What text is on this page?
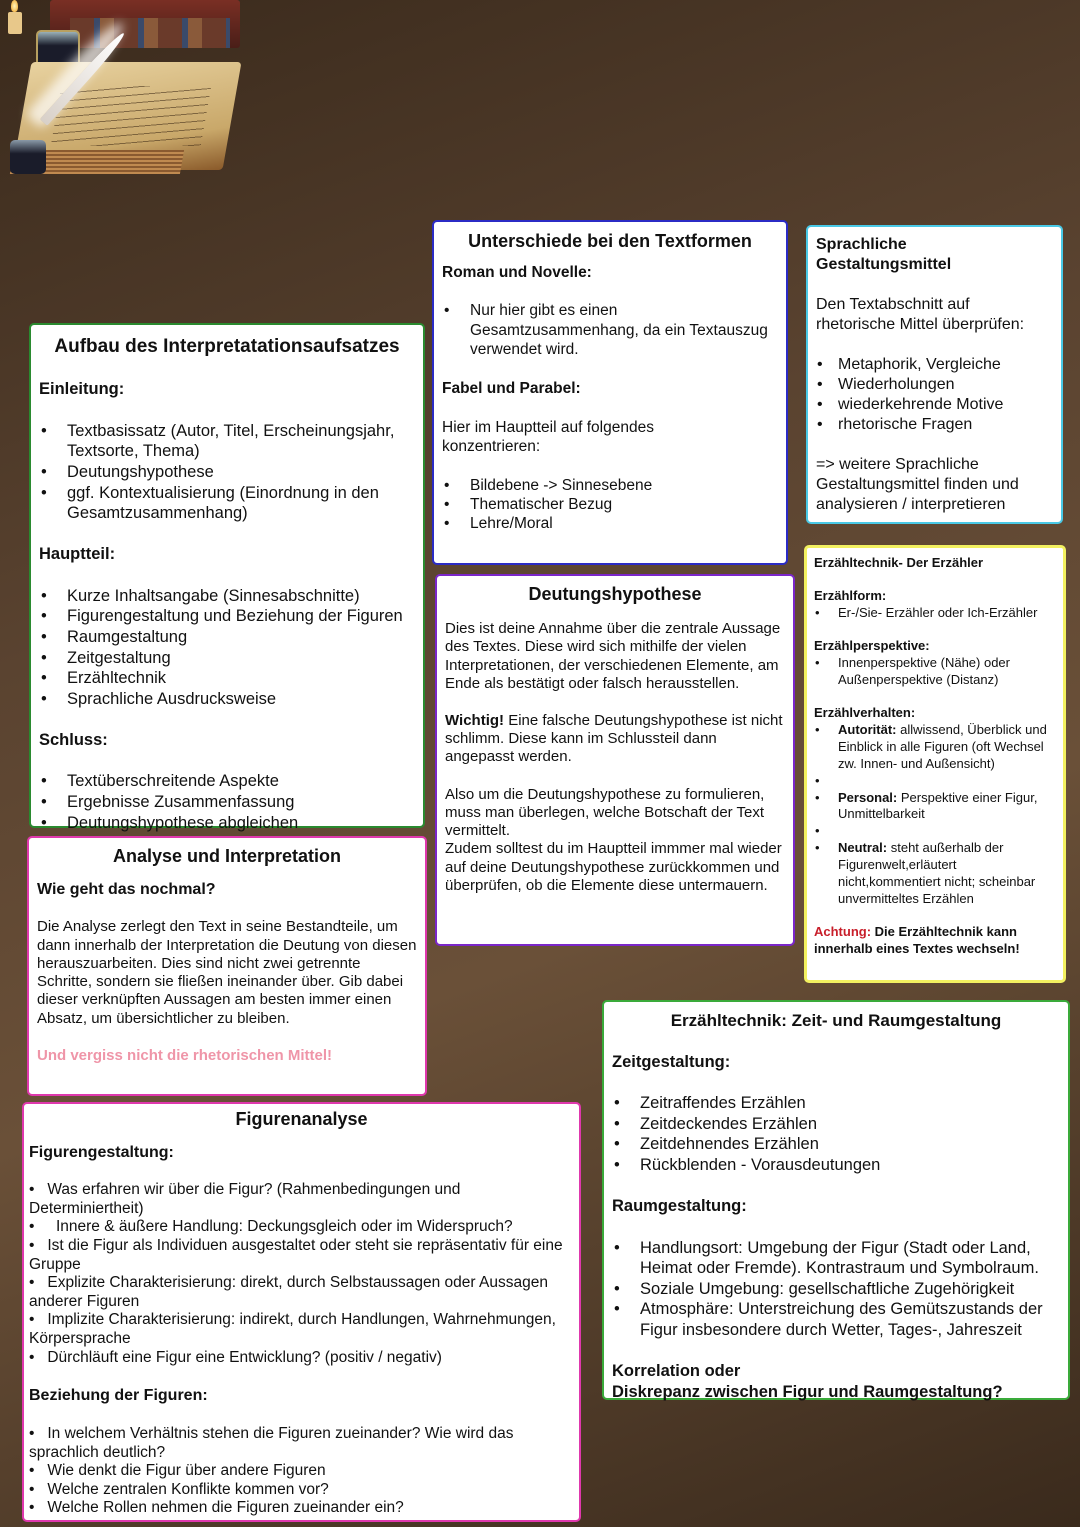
•
•
•
•
•
•
•
•
•
•
•
Aufbau des Interpretatationsaufsatzes
Einleitung:
• Textbasissatz (Autor, Titel, Erscheinungsjahr, Textsorte, Thema)
• Deutungshypothese
• ggf. Kontextualisierung (Einordnung in den Gesamtzusammenhang)
Hauptteil:
• Kurze Inhaltsangabe (Sinnesabschnitte)
• Figurengestaltung und Beziehung der Figuren
• Raumgestaltung
• Zeitgestaltung
• Erzähltechnik
• Sprachliche Ausdrucksweise
Schluss:
• Textüberschreitende Aspekte
• Ergebnisse Zusammenfassung
• Deutungshypothese abgleichen
Unterschiede bei den Textformen
Roman und Novelle:
• Nur hier gibt es einen Gesamtzusammenhang, da ein Textauszug verwendet wird.
Fabel und Parabel:
Hier im Hauptteil auf folgendes konzentrieren:
• Bildebene -> Sinnesebene
• Thematischer Bezug
• Lehre/Moral
Sprachliche Gestaltungsmittel
Den Textabschnitt auf rhetorische Mittel überprüfen:
• Metaphorik, Vergleiche
• Wiederholungen
• wiederkehrende Motive
• rhetorische Fragen
=> weitere Sprachliche Gestaltungsmittel finden und analysieren / interpretieren
Deutungshypothese
Dies ist deine Annahme über die zentrale Aussage des Textes. Diese wird sich mithilfe der vielen Interpretationen, der verschiedenen Elemente, am Ende als bestätigt oder falsch herausstellen.
Wichtig! Eine falsche Deutungshypothese ist nicht schlimm. Diese kann im Schlussteil dann angepasst werden.
Also um die Deutungshypothese zu formulieren, muss man überlegen, welche Botschaft der Text vermittelt.
Zudem solltest du im Hauptteil immmer mal wieder auf deine Deutungshypothese zurückkommen und überprüfen, ob die Elemente diese untermauern.
Erzähltechnik- Der Erzähler
Erzählform:
• Er-/Sie- Erzähler oder Ich-Erzähler
Erzählperspektive:
• Innenperspektive (Nähe) oder Außenperspektive (Distanz)
Erzählverhalten:
• Autorität: allwissend, Überblick und Einblick in alle Figuren (oft Wechsel zw. Innen- und Außensicht)
•
• Personal: Perspektive einer Figur, Unmittelbarkeit
•
• Neutral: steht außerhalb der Figurenwelt,erläutert nicht,kommentiert nicht; scheinbar unvermitteltes Erzählen
Achtung: Die Erzähltechnik kann innerhalb eines Textes wechseln!
Analyse und Interpretation
Wie geht das nochmal?
Die Analyse zerlegt den Text in seine Bestandteile, um dann innerhalb der Interpretation die Deutung von diesen herauszuarbeiten. Dies sind nicht zwei getrennte Schritte, sondern sie fließen ineinander über. Gib dabei dieser verknüpften Aussagen am besten immer einen Absatz, um übersichtlicher zu bleiben.
Und vergiss nicht die rhetorischen Mittel!
Figurenanalyse
Figurengestaltung:
•   Was erfahren wir über die Figur? (Rahmenbedingungen und Determiniertheit)
•     Innere & äußere Handlung: Deckungsgleich oder im Widerspruch?
•   Ist die Figur als Individuen ausgestaltet oder steht sie repräsentativ für eine Gruppe
•   Explizite Charakterisierung: direkt, durch Selbstaussagen oder Aussagen anderer Figuren
•   Implizite Charakterisierung: indirekt, durch Handlungen, Wahrnehmungen, Körpersprache
•   Dürchläuft eine Figur eine Entwicklung? (positiv / negativ)
Beziehung der Figuren:
•   In welchem Verhältnis stehen die Figuren zueinander? Wie wird das sprachlich deutlich?
•   Wie denkt die Figur über andere Figuren
•   Welche zentralen Konflikte kommen vor?
•   Welche Rollen nehmen die Figuren zueinander ein?
Erzähltechnik: Zeit- und Raumgestaltung
Zeitgestaltung:
• Zeitraffendes Erzählen
• Zeitdeckendes Erzählen
• Zeitdehnendes Erzählen
• Rückblenden - Vorausdeutungen
Raumgestaltung:
• Handlungsort: Umgebung der Figur (Stadt oder Land, Heimat oder Fremde). Kontrastraum und Symbolraum.
• Soziale Umgebung: gesellschaftliche Zugehörigkeit
• Atmosphäre: Unterstreichung des Gemütszustands der Figur insbesondere durch Wetter, Tages-, Jahreszeit
Korrelation oder
Diskrepanz zwischen Figur und Raumgestaltung?
